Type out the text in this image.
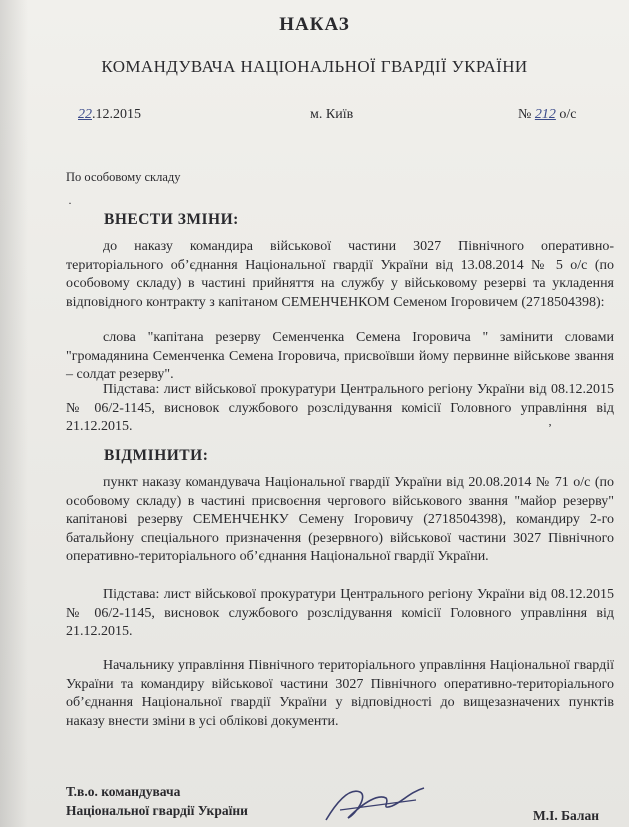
НАКАЗ
КОМАНДУВАЧА НАЦІОНАЛЬНОЇ ГВАРДІЇ УКРАЇНИ
22.12.2015	м. Київ	№ 212 о/с
По особовому складу
·
ВНЕСТИ ЗМІНИ:

до наказу командира військової частини 3027 Північного оперативно-територіального об’єднання Національної гвардії України від 13.08.2014 № 5 о/с (по особовому складу) в частині прийняття на службу у військовому резерві та укладення відповідного контракту з капітаном СЕМЕНЧЕНКОМ Семеном Ігоровичем (2718504398):

слова "капітана резерву Семенченка Семена Ігоровича " замінити словами "громадянина Семенченка Семена Ігоровича, присвоївши йому первинне військове звання – солдат резерву".

Підстава: лист військової прокуратури Центрального регіону України від 08.12.2015 № 06/2-1145, висновок службового розслідування комісії Головного управління від 21.12.2015.	‚
ВІДМІНИТИ:

пункт наказу командувача Національної гвардії України від 20.08.2014 № 71 о/с (по особовому складу) в частині присвоєння чергового військового звання "майор резерву" капітанові резерву СЕМЕНЧЕНКУ Семену Ігоровичу (2718504398), командиру 2-го батальйону спеціального призначення (резервного) військової частини 3027 Північного оперативно-територіального об’єднання Національної гвардії України.

Підстава: лист військової прокуратури Центрального регіону України від 08.12.2015 № 06/2-1145, висновок службового розслідування комісії Головного управління від 21.12.2015.

Начальнику управління Північного територіального управління Національної гвардії України та командиру військової частини 3027 Північного оперативно-територіального об’єднання Національної гвардії України у відповідності до вищезазначених пунктів наказу внести зміни в усі облікові документи.

Т.в.о. командувача
Національної гвардії України	М.І. Балан
